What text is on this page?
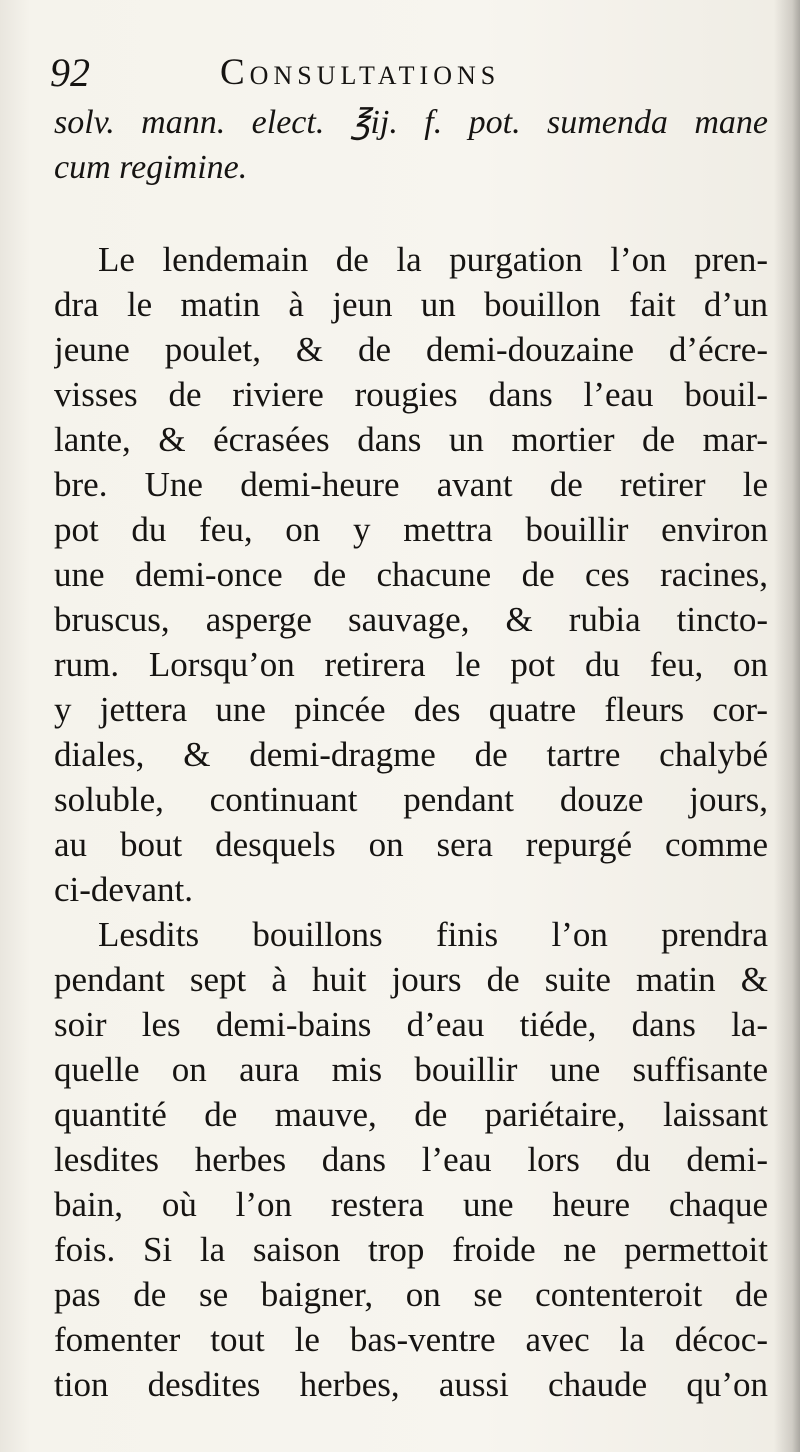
92	Consultations
solv. mann. elect. ℥ij. f. pot. sumenda mane
cum regimine.
Le lendemain de la purgation l’on pren-
dra le matin à jeun un bouillon fait d’un
jeune poulet, & de demi-douzaine d’écre-
visses de riviere rougies dans l’eau bouil-
lante, & écrasées dans un mortier de mar-
bre. Une demi-heure avant de retirer le
pot du feu, on y mettra bouillir environ
une demi-once de chacune de ces racines,
bruscus, asperge sauvage, & rubia tincto-
rum. Lorsqu’on retirera le pot du feu, on
y jettera une pincée des quatre fleurs cor-
diales, & demi-dragme de tartre chalybé
soluble, continuant pendant douze jours,
au bout desquels on sera repurgé comme
ci-devant.
Lesdits bouillons finis l’on prendra
pendant sept à huit jours de suite matin &
soir les demi-bains d’eau tiéde, dans la-
quelle on aura mis bouillir une suffisante
quantité de mauve, de pariétaire, laissant
lesdites herbes dans l’eau lors du demi-
bain, où l’on restera une heure chaque
fois. Si la saison trop froide ne permettoit
pas de se baigner, on se contenteroit de
fomenter tout le bas-ventre avec la décoc-
tion desdites herbes, aussi chaude qu’on
